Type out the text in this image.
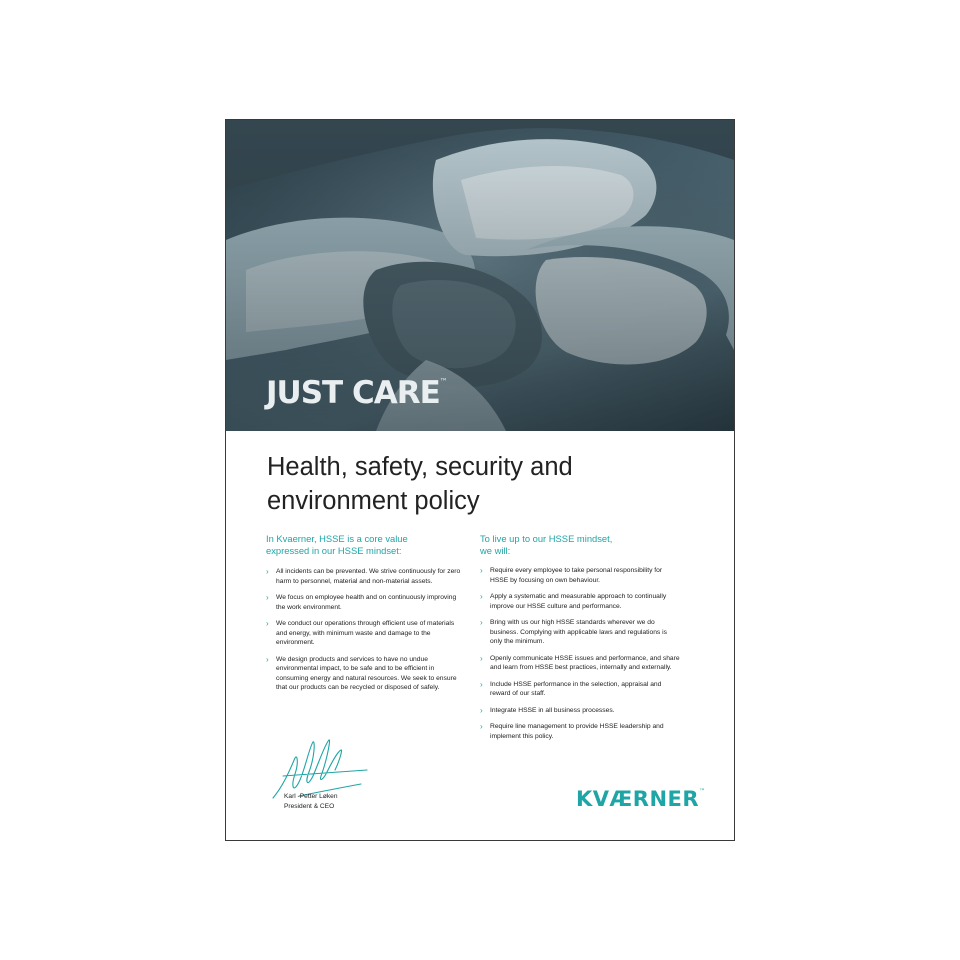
JUST CARE™
Health, safety, security and environment policy

In Kvaerner, HSSE is a core value
expressed in our HSSE mindset:

› All incidents can be prevented. We strive continuously for zero harm to personnel, material and non-material assets.
› We focus on employee health and on continuously improving the work environment.
› We conduct our operations through efficient use of materials and energy, with minimum waste and damage to the environment.
› We design products and services to have no undue environmental impact, to be safe and to be efficient in consuming energy and natural resources. We seek to ensure that our products can be recycled or disposed of safely.

To live up to our HSSE mindset,
we will:

› Require every employee to take personal responsibility for HSSE by focusing on own behaviour.
› Apply a systematic and measurable approach to continually improve our HSSE culture and performance.
› Bring with us our high HSSE standards wherever we do business. Complying with applicable laws and regulations is only the minimum.
› Openly communicate HSSE issues and performance, and share and learn from HSSE best practices, internally and externally.
› Include HSSE performance in the selection, appraisal and reward of our staff.
› Integrate HSSE in all business processes.
› Require line management to provide HSSE leadership and implement this policy.
Karl -Petter Løken
President & CEO	KVÆRNER™
